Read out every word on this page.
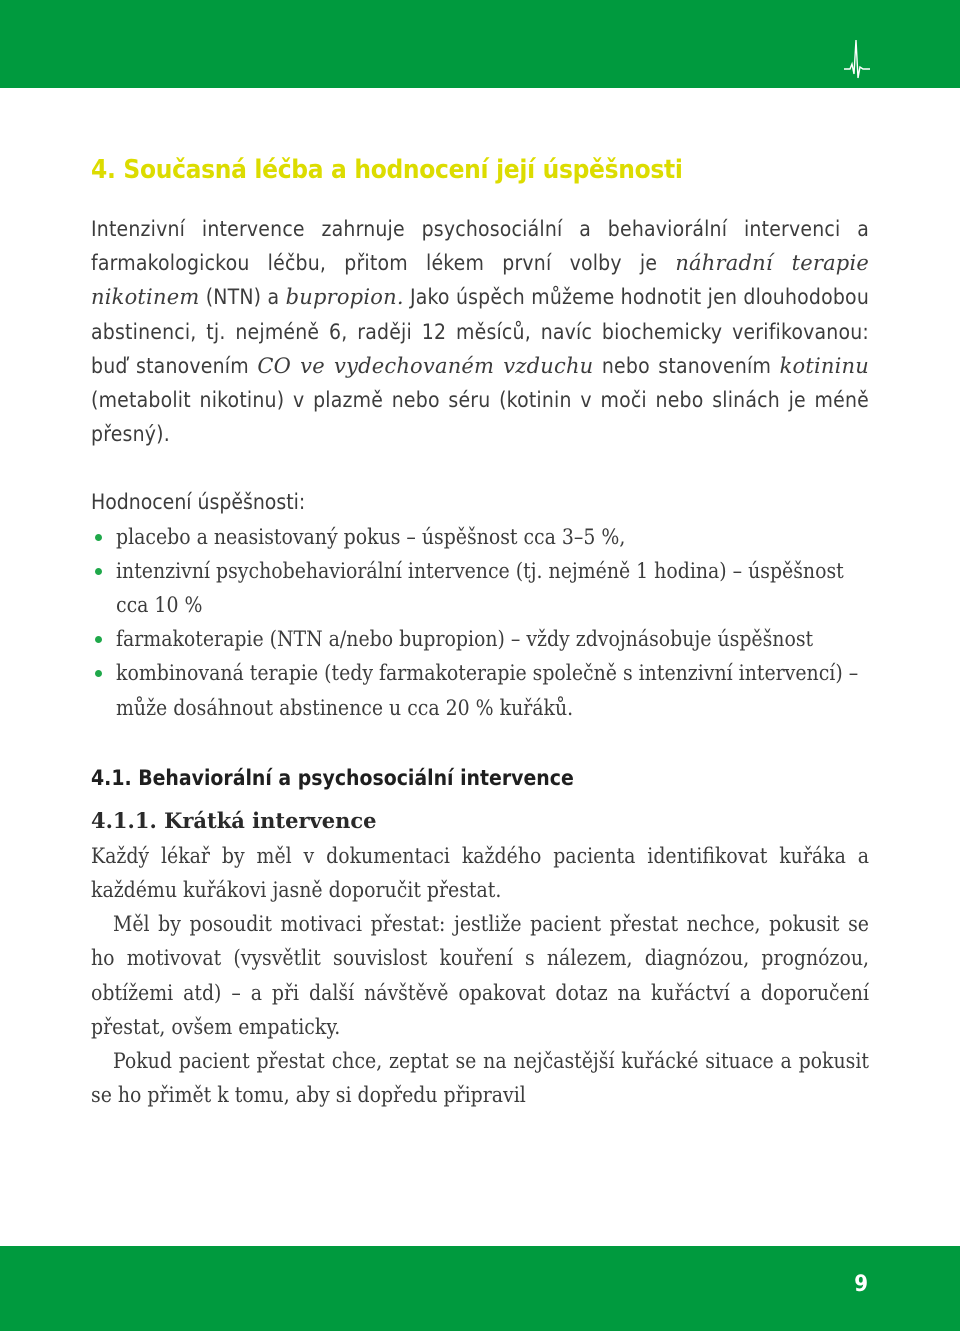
4. Současná léčba a hodnocení její úspěšnosti

Intenzivní intervence zahrnuje psychosociální a behaviorální intervenci a farmakologickou léčbu, přitom lékem první volby je náhradní terapie nikotinem (NTN) a bupropion. Jako úspěch můžeme hodnotit jen dlouhodobou abstinenci, tj. nejméně 6, raději 12 měsíců, navíc biochemicky verifikovanou: buď stanovením CO ve vydechovaném vzduchu nebo stanovením kotininu (metabolit nikotinu) v plazmě nebo séru (kotinin v moči nebo slinách je méně přesný).

Hodnocení úspěšnosti:
placebo a neasistovaný pokus – úspěšnost cca 3–5 %,
intenzivní psychobehaviorální intervence (tj. nejméně 1 hodina) – úspěšnost cca 10 %
farmakoterapie (NTN a/nebo bupropion) – vždy zdvojnásobuje úspěšnost
kombinovaná terapie (tedy farmakoterapie společně s intenzivní intervencí) – může dosáhnout abstinence u cca 20 % kuřáků.
4.1. Behaviorální a psychosociální intervence
4.1.1. Krátká intervence

Každý lékař by měl v dokumentaci každého pacienta identifikovat kuřáka a každému kuřákovi jasně doporučit přestat.

Měl by posoudit motivaci přestat: jestliže pacient přestat nechce, pokusit se ho motivovat (vysvětlit souvislost kouření s nálezem, diagnózou, prognózou, obtížemi atd) – a při další návštěvě opakovat dotaz na kuřáctví a doporučení přestat, ovšem empaticky.

Pokud pacient přestat chce, zeptat se na nejčastější kuřácké situace a pokusit se ho přimět k tomu, aby si dopředu připravil

9
